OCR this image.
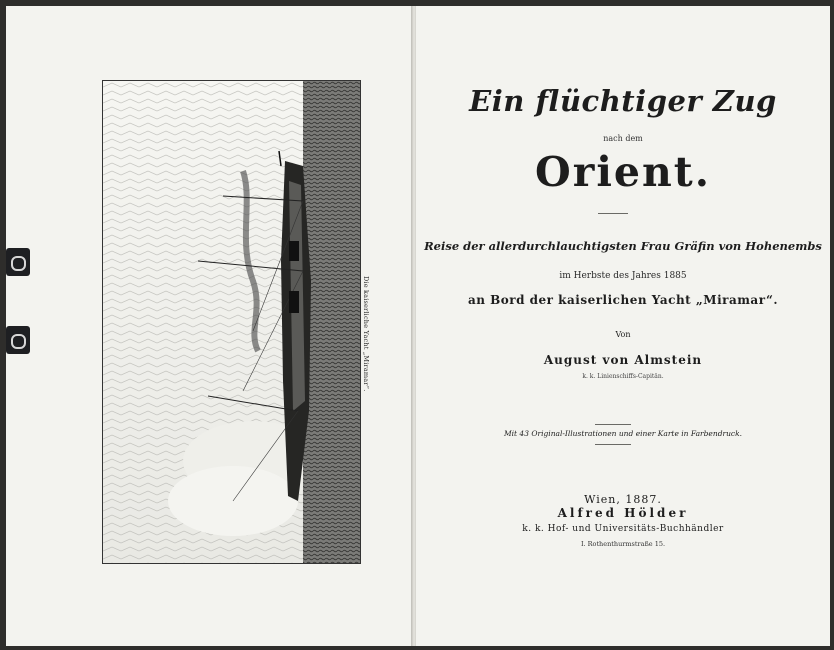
Die kaiserliche Yacht „Miramar“.
Ein flüchtiger Zug
nach dem
Orient.
Reise der allerdurchlauchtigsten Frau Gräfin von Hohenembs
im Herbste des Jahres 1885
an Bord der kaiserlichen Yacht „Miramar“.
Von
August von Almstein
k. k. Linienschiffs-Capitän.
Mit 43 Original-Illustrationen und einer Karte in Farbendruck.
Wien, 1887.
Alfred Hölder
k. k. Hof- und Universitäts-Buchhändler
I. Rothenthurmstraße 15.
